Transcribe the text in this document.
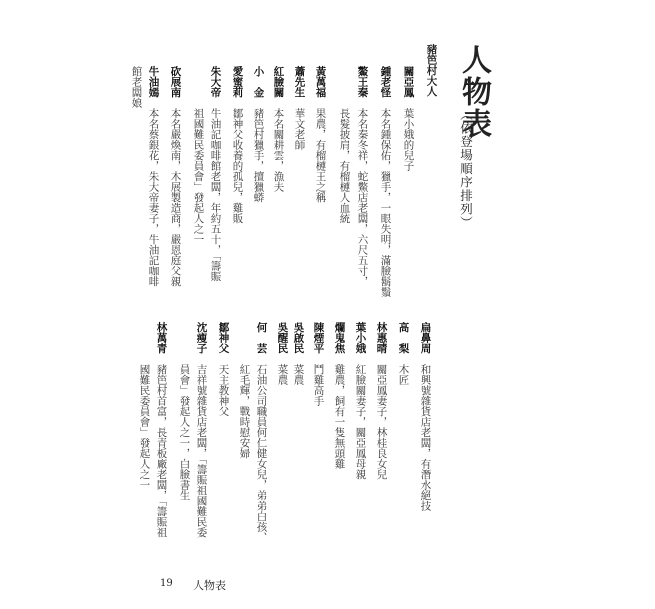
人物表
（依登場順序排列）
豬笆村大人
關亞鳳
葉小娥的兒子
鍾老怪
本名鍾保佑，獵手，一眼失明，滿臉鬍鬚
鰲王秦
本名秦冬祥，蛇鱉店老闆，六尺五寸，
長髮披肩，有榴槤人血統
黃萬福
果農，有榴槤王之稱
蕭先生
華文老師
紅臉關
本名關耕雲，漁夫
小　金
豬笆村獵手，擅獵蟒
愛蜜莉
鄒神父收養的孤兒，雞販
朱大帝
牛油記咖啡館老闆，年約五十，「籌賑
祖國難民委員會」發起人之一
砍展南
本名嚴煥南，木展製造商，嚴恩庭父親
牛油嫣
本名蔡銀花，朱大帝妻子，牛油記咖啡
館老闆娘
扁鼻周
和興號雜貨店老闆，有潛水絕技
高　梨
木匠
林惠晴
關亞鳳妻子，林桂良女兒
葉小娥
紅臉關妻子，關亞鳳母親
爛鬼焦
雞農，飼有一隻無頭雞
陳煙平
鬥雞高手
吳啟民
菜農
吳醒民
菜農
何　芸
石油公司職員何仁健女兒，弟弟白孩、
紅毛輝，戰時慰安婦
鄒神父
天主教神父
沈瘦子
吉祥號雜貨店老闆，「籌賑祖國難民委
員會」發起人之一，白臉書生
林萬青
豬笆村首富，長青板廠老闆，「籌賑祖
國難民委員會」發起人之一
19 人物表
